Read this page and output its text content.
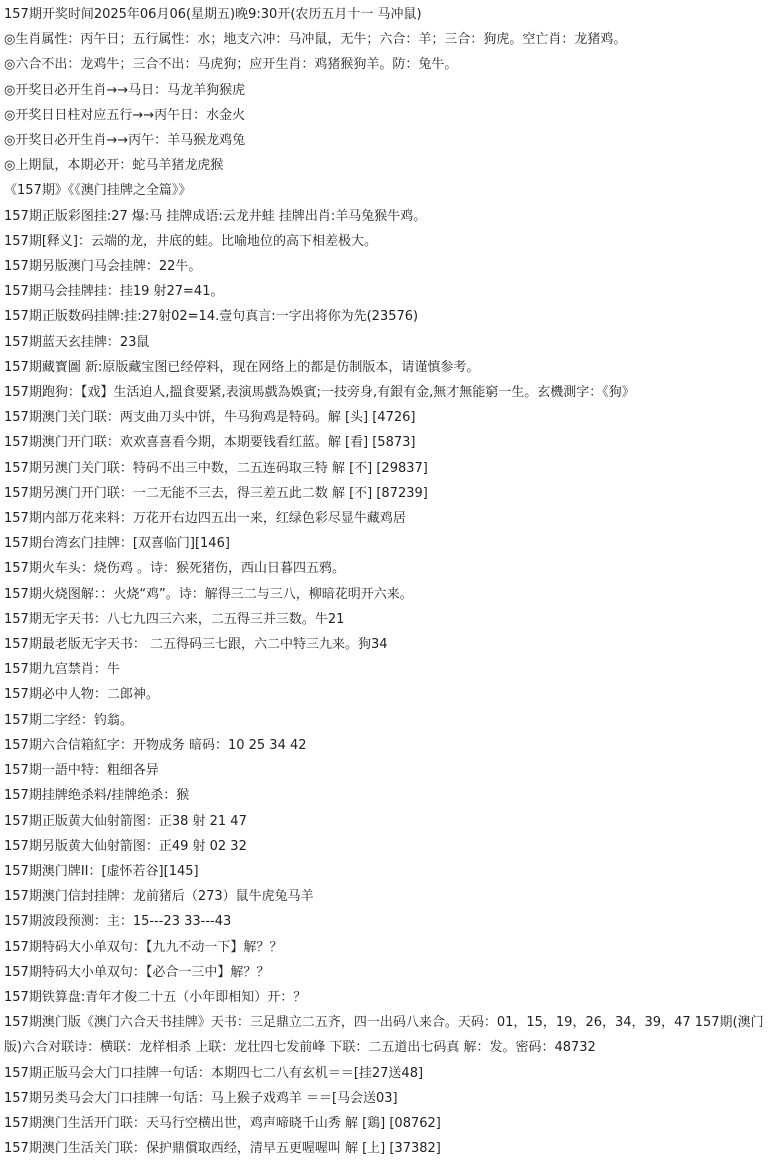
157期开奖时间2025年06月06(星期五)晚9:30开(农历五月十一 马冲鼠)

◎生肖属性：丙午日；五行属性：水；地支六冲：马冲鼠，无牛；六合：羊；三合：狗虎。空亡肖：龙猪鸡。

◎六合不出：龙鸡牛；三合不出：马虎狗；应开生肖：鸡猪猴狗羊。防：兔牛。

◎开奖日必开生肖→→马日：马龙羊狗猴虎

◎开奖日日柱对应五行→→丙午日：水金火

◎开奖日必开生肖→→丙午：羊马猴龙鸡兔

◎上期鼠，本期必开：蛇马羊猪龙虎猴

《157期》《《澳门挂牌之全篇》》

157期正版彩图挂:27 爆:马 挂牌成语:云龙井蛙 挂牌出肖:羊马兔猴牛鸡。

157期[释义]：云端的龙，井底的蛙。比喻地位的高下相差极大。

157期另版澳门马会挂牌：22牛。

157期马会挂牌挂：挂19 射27=41。

157期正版数码挂牌:挂:27射02=14.壹句真言:一字出将你为先(23576)

157期蓝天玄挂牌：23鼠

157期藏寳圖 新:原版藏宝图已经停料，现在网络上的都是仿制版本，请谨慎参考。

157期跑狗：【戏】生活迫人,搵食要紧,表演馬戲為娛賓;一技旁身,有銀有金,無才無能窮一生。玄機測字：《狗》

157期澳门关门联：两支曲刀头中饼，牛马狗鸡是特码。解 [头] [4726]

157期澳门开门联：欢欢喜喜看今期，本期要钱看红蓝。解 [看] [5873]

157期另澳门关门联：特码不出三中数，二五连码取三特 解 [不] [29837]

157期另澳门开门联：一二无能不三去，得三差五此二数 解 [不] [87239]

157期内部万花来料：万花开右边四五出一来，红绿色彩尽显牛藏鸡居

157期台湾玄门挂牌：[双喜临门][146]

157期火车头：烧伤鸡 。诗：猴死猪伤，西山日暮四五鸦。

157期火烧图解：：火烧“鸡”。诗：解得三二与三八，柳暗花明开六来。

157期无字天书：八七九四三六来，二五得三并三数。牛21

157期最老版无字天书： 二五得码三七跟，六二中特三九来。狗34

157期九宫禁肖：牛

157期必中人物：二郎神。

157期二字经：钓翁。

157期六合信箱紅字：开物成务 暗码：10 25 34 42

157期一語中特：粗细各异

157期挂牌绝杀料/挂牌绝杀：猴

157期正版黄大仙射箭图：正38 射 21 47

157期另版黄大仙射箭图：正49 射 02 32

157期澳门牌II：[虚怀若谷][145]

157期澳门信封挂牌：龙前猪后（273）鼠牛虎兔马羊

157期波段预测：主：15---23 33---43

157期特码大小单双句：【九九不动一下】解？？

157期特码大小单双句：【必合一三中】解？？

157期铁算盘:青年才俊二十五（小年即相知）开：？

157期澳门版《澳门六合天书挂牌》天书：三足鼎立二五齐，四一出码八来合。天码：01，15，19，26，34，39，47 157期(澳门版)六合对联诗：横联：龙样相杀 上联：龙壮四七发前峰 下联：二五道出七码真 解：发。密码：48732

157期正版马会大门口挂牌一句话：本期四七二八有玄机＝＝[挂27送48]

157期另类马会大门口挂牌一句话：马上猴子戏鸡羊 ＝＝[马会送03]

157期澳门生活开门联：天马行空横出世，鸡声啼晓千山秀 解 [鶏] [08762]

157期澳门生活关门联：保护鼎償取西经，清早五更喔喔叫 解 [上] [37382]
